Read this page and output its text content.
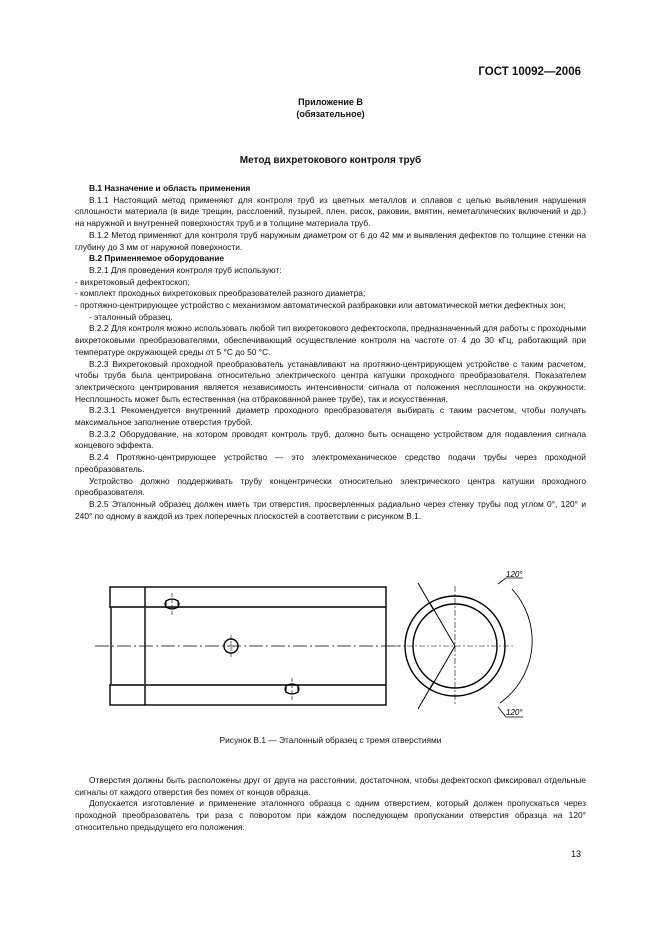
ГОСТ 10092—2006
Приложение В
(обязательное)
Метод вихретокового контроля труб

В.1 Назначение и область применения

В.1.1 Настоящий метод применяют для контроля труб из цветных металлов и сплавов с целью выявления нарушения сплошности материала (в виде трещин, расслоений, пузырей, плен, рисок, раковин, вмятин, неметаллических включений и др.) на наружной и внутренней поверхностях труб и в толщине материала труб.

В.1.2 Метод применяют для контроля труб наружным диаметром от 6 до 42 мм и выявления дефектов по толщине стенки на глубину до 3 мм от наружной поверхности.

В.2 Применяемое оборудование

В.2.1 Для проведения контроля труб используют:

- вихретоковый дефектоскоп;

- комплект проходных вихретоковых преобразователей разного диаметра;

- протяжно-центрирующее устройство с механизмом автоматической разбраковки или автоматической метки дефектных зон;

- эталонный образец.

В.2.2 Для контроля можно использовать любой тип вихретокового дефектоскопа, предназначенный для работы с проходными вихретоковыми преобразователями, обеспечивающий осуществление контроля на частоте от 4 до 30 кГц, работающий при температуре окружающей среды от 5 °С до 50 °С.

В.2.3 Вихретоковый проходной преобразователь устанавливают на протяжно-центрирующем устройстве с таким расчетом, чтобы труба была центрирована относительно электрического центра катушки проходного преобразователя. Показателем электрического центрирования является независимость интенсивности сигнала от положения несплошности на окружности. Несплошность может быть естественная (на отбракованной ранее трубе), так и искусственная.

В.2.3.1 Рекомендуется внутренний диаметр проходного преобразователя выбирать с таким расчетом, чтобы получать максимальное заполнение отверстия трубой.

В.2.3.2 Оборудование, на котором проводят контроль труб, должно быть оснащено устройством для подавления сигнала концевого эффекта.

В.2.4 Протяжно-центрирующее устройство — это электромеханическое средство подачи трубы через проходной преобразователь.

Устройство должно поддерживать трубу концентрически относительно электрического центра катушки проходного преобразователя.

В.2.5 Эталонный образец должен иметь три отверстия, просверленных радиально через стенку трубы под углом 0°, 120° и 240° по одному в каждой из трех поперечных плоскостей в соответствии с рисунком В.1.

120°
120°
Рисунок В.1 — Эталонный образец с тремя отверстиями

Отверстия должны быть расположены друг от друга на расстоянии, достаточном, чтобы дефектоскоп фиксировал отдельные сигналы от каждого отверстия без помех от концов образца.

Допускается изготовление и применение эталонного образца с одним отверстием, который должен пропускаться через проходной преобразователь три раза с поворотом при каждом последующем пропускании отверстия образца на 120° относительно предыдущего его положения.

13
